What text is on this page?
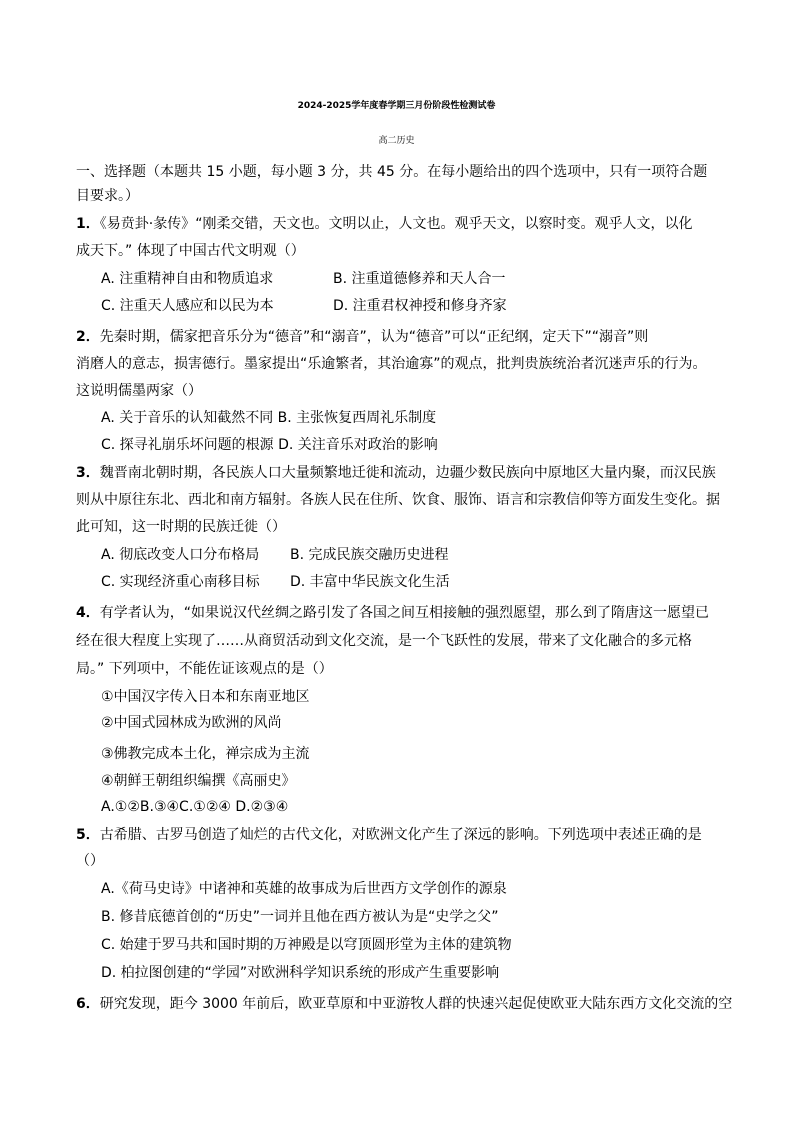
2024-2025学年度春学期三月份阶段性检测试卷
高二历史
一、选择题（本题共 15 小题，每小题 3 分，共 45 分。在每小题给出的四个选项中，只有一项符合题
目要求。）
1．《易贲卦·彖传》“刚柔交错，天文也。文明以止，人文也。观乎天文，以察时变。观乎人文，以化
成天下。” 体现了中国古代文明观（）
A. 注重精神自由和物质追求	B. 注重道德修养和天人合一
C. 注重天人感应和以民为本	D. 注重君权神授和修身齐家
2．先秦时期，儒家把音乐分为“德音”和“溺音”，认为“德音”可以“正纪纲，定天下”“溺音”则
消磨人的意志，损害德行。墨家提出“乐逾繁者，其治逾寡”的观点，批判贵族统治者沉迷声乐的行为。
这说明儒墨两家（）
A. 关于音乐的认知截然不同 B. 主张恢复西周礼乐制度
C. 探寻礼崩乐坏问题的根源 D. 关注音乐对政治的影响
3．魏晋南北朝时期，各民族人口大量频繁地迁徙和流动，边疆少数民族向中原地区大量内聚，而汉民族
则从中原往东北、西北和南方辐射。各族人民在住所、饮食、服饰、语言和宗教信仰等方面发生变化。据
此可知，这一时期的民族迁徙（）
A. 彻底改变人口分布格局 B. 完成民族交融历史进程
C. 实现经济重心南移目标 D. 丰富中华民族文化生活
4．有学者认为，“如果说汉代丝绸之路引发了各国之间互相接触的强烈愿望，那么到了隋唐这一愿望已
经在很大程度上实现了……从商贸活动到文化交流，是一个飞跃性的发展，带来了文化融合的多元格
局。” 下列项中，不能佐证该观点的是（）
①中国汉字传入日本和东南亚地区
②中国式园林成为欧洲的风尚
③佛教完成本土化，禅宗成为主流
④朝鲜王朝组织编撰《高丽史》
A.①②B.③④C.①②④ D.②③④
5．古希腊、古罗马创造了灿烂的古代文化，对欧洲文化产生了深远的影响。下列选项中表述正确的是
（）
A.《荷马史诗》中诸神和英雄的故事成为后世西方文学创作的源泉
B. 修昔底德首创的“历史”一词并且他在西方被认为是“史学之父”
C. 始建于罗马共和国时期的万神殿是以穹顶圆形堂为主体的建筑物
D. 柏拉图创建的“学园”对欧洲科学知识系统的形成产生重要影响
6．研究发现，距今 3000 年前后，欧亚草原和中亚游牧人群的快速兴起促使欧亚大陆东西方文化交流的空
